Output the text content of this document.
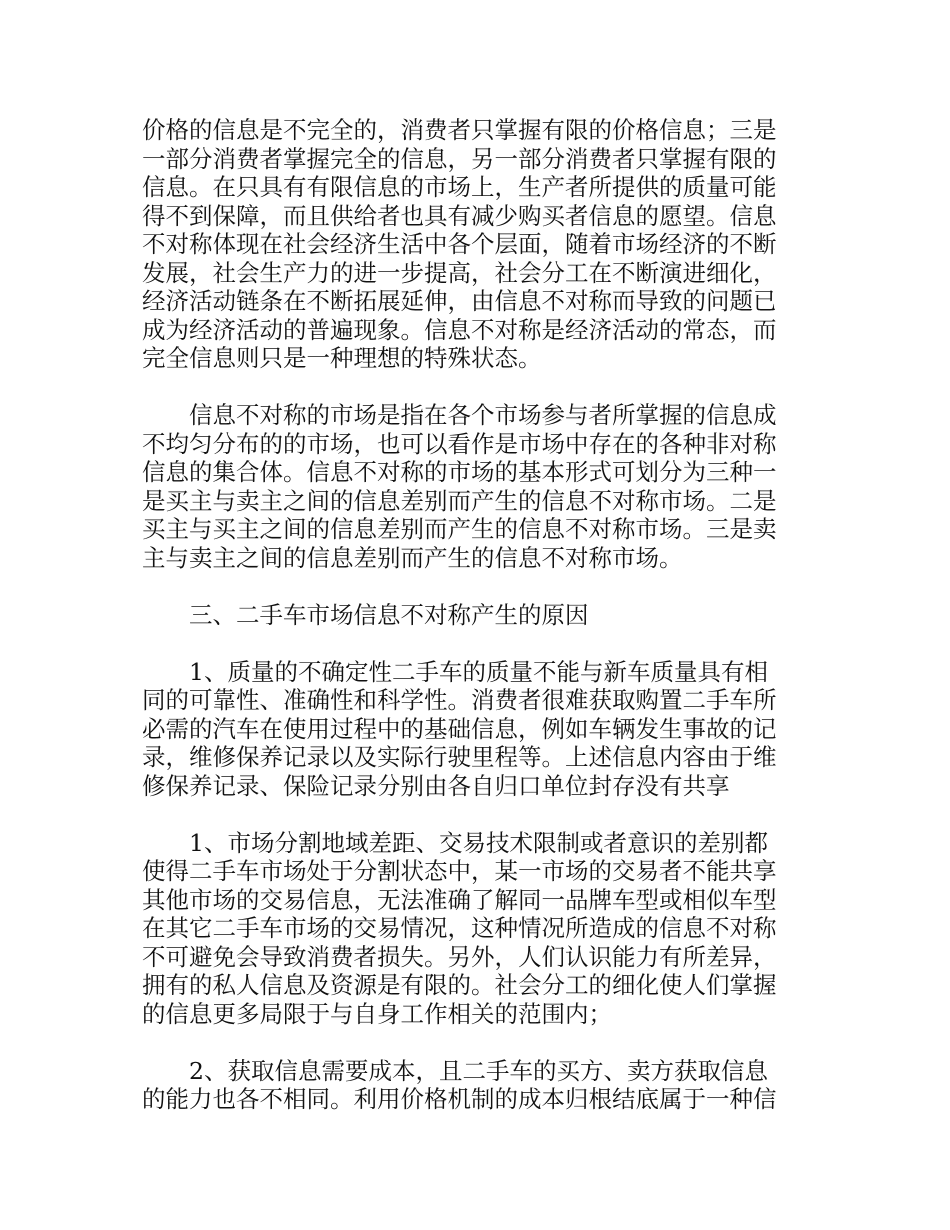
价格的信息是不完全的，消费者只掌握有限的价格信息；三是
一部分消费者掌握完全的信息，另一部分消费者只掌握有限的
信息。在只具有有限信息的市场上，生产者所提供的质量可能
得不到保障，而且供给者也具有减少购买者信息的愿望。信息
不对称体现在社会经济生活中各个层面，随着市场经济的不断
发展，社会生产力的进一步提高，社会分工在不断演进细化，
经济活动链条在不断拓展延伸，由信息不对称而导致的问题已
成为经济活动的普遍现象。信息不对称是经济活动的常态，而
完全信息则只是一种理想的特殊状态。
信息不对称的市场是指在各个市场参与者所掌握的信息成
不均匀分布的的市场，也可以看作是市场中存在的各种非对称
信息的集合体。信息不对称的市场的基本形式可划分为三种一
是买主与卖主之间的信息差别而产生的信息不对称市场。二是
买主与买主之间的信息差别而产生的信息不对称市场。三是卖
主与卖主之间的信息差别而产生的信息不对称市场。
三、二手车市场信息不对称产生的原因
1、质量的不确定性二手车的质量不能与新车质量具有相
同的可靠性、准确性和科学性。消费者很难获取购置二手车所
必需的汽车在使用过程中的基础信息，例如车辆发生事故的记
录，维修保养记录以及实际行驶里程等。上述信息内容由于维
修保养记录、保险记录分别由各自归口单位封存没有共享
1、市场分割地域差距、交易技术限制或者意识的差别都
使得二手车市场处于分割状态中，某一市场的交易者不能共享
其他市场的交易信息，无法准确了解同一品牌车型或相似车型
在其它二手车市场的交易情况，这种情况所造成的信息不对称
不可避免会导致消费者损失。另外，人们认识能力有所差异，
拥有的私人信息及资源是有限的。社会分工的细化使人们掌握
的信息更多局限于与自身工作相关的范围内；
2、获取信息需要成本，且二手车的买方、卖方获取信息
的能力也各不相同。利用价格机制的成本归根结底属于一种信
